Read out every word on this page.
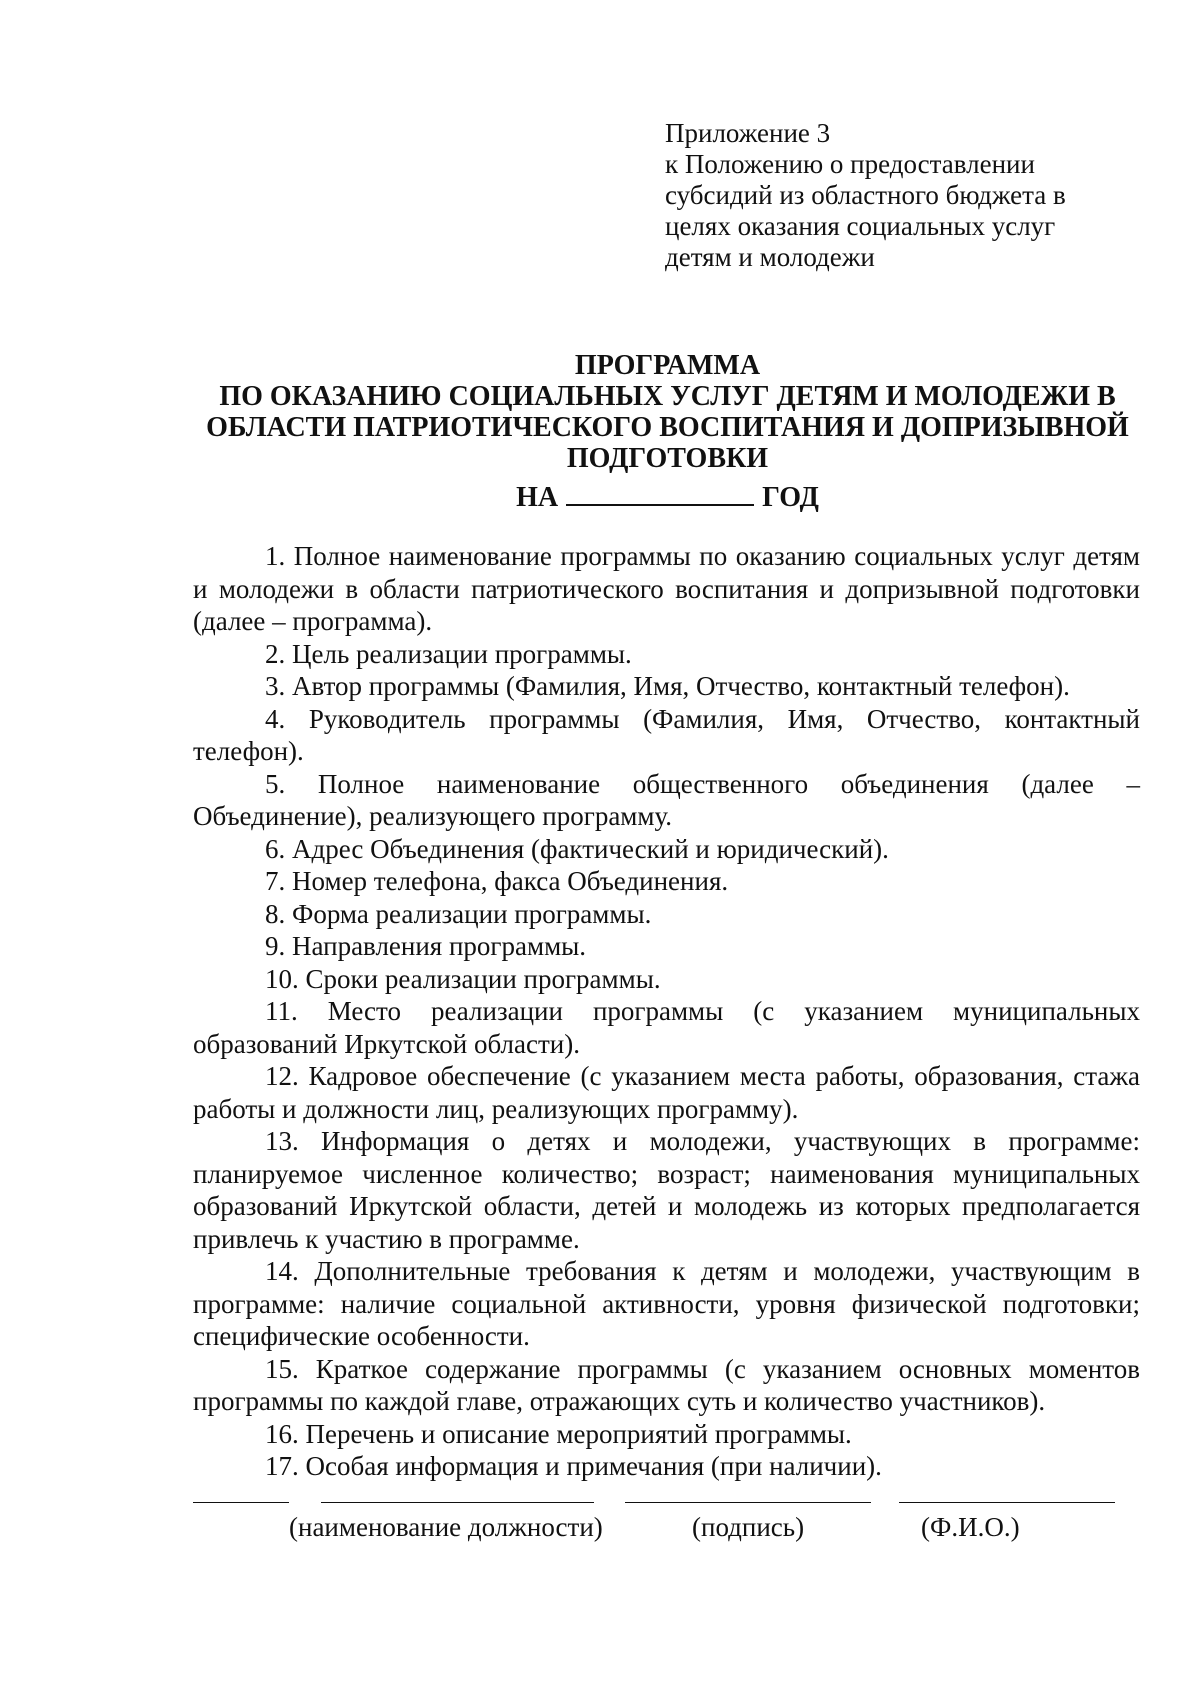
Приложение 3
к Положению о предоставлении
субсидий из областного бюджета в
целях оказания социальных услуг
детям и молодежи
ПРОГРАММА
ПО ОКАЗАНИЮ СОЦИАЛЬНЫХ УСЛУГ ДЕТЯМ И МОЛОДЕЖИ В
ОБЛАСТИ ПАТРИОТИЧЕСКОГО ВОСПИТАНИЯ И ДОПРИЗЫВНОЙ
ПОДГОТОВКИ
НА	ГОД

1. Полное наименование программы по оказанию социальных услуг детям и молодежи в области патриотического воспитания и допризывной подготовки (далее – программа).

2. Цель реализации программы.

3. Автор программы (Фамилия, Имя, Отчество, контактный телефон).

4. Руководитель программы (Фамилия, Имя, Отчество, контактный телефон).

5. Полное наименование общественного объединения (далее – Объединение), реализующего программу.

6. Адрес Объединения (фактический и юридический).

7. Номер телефона, факса Объединения.

8. Форма реализации программы.

9. Направления программы.

10. Сроки реализации программы.

11. Место реализации программы (с указанием муниципальных образований Иркутской области).

12. Кадровое обеспечение (с указанием места работы, образования, стажа работы и должности лиц, реализующих программу).

13. Информация о детях и молодежи, участвующих в программе: планируемое численное количество; возраст; наименования муниципальных образований Иркутской области, детей и молодежь из которых предполагается привлечь к участию в программе.

14. Дополнительные требования к детям и молодежи, участвующим в программе: наличие социальной активности, уровня физической подготовки; специфические особенности.

15. Краткое содержание программы (с указанием основных моментов программы по каждой главе, отражающих суть и количество участников).

16. Перечень и описание мероприятий программы.

17. Особая информация и примечания (при наличии).

(наименование должности)	(подпись)	(Ф.И.О.)
